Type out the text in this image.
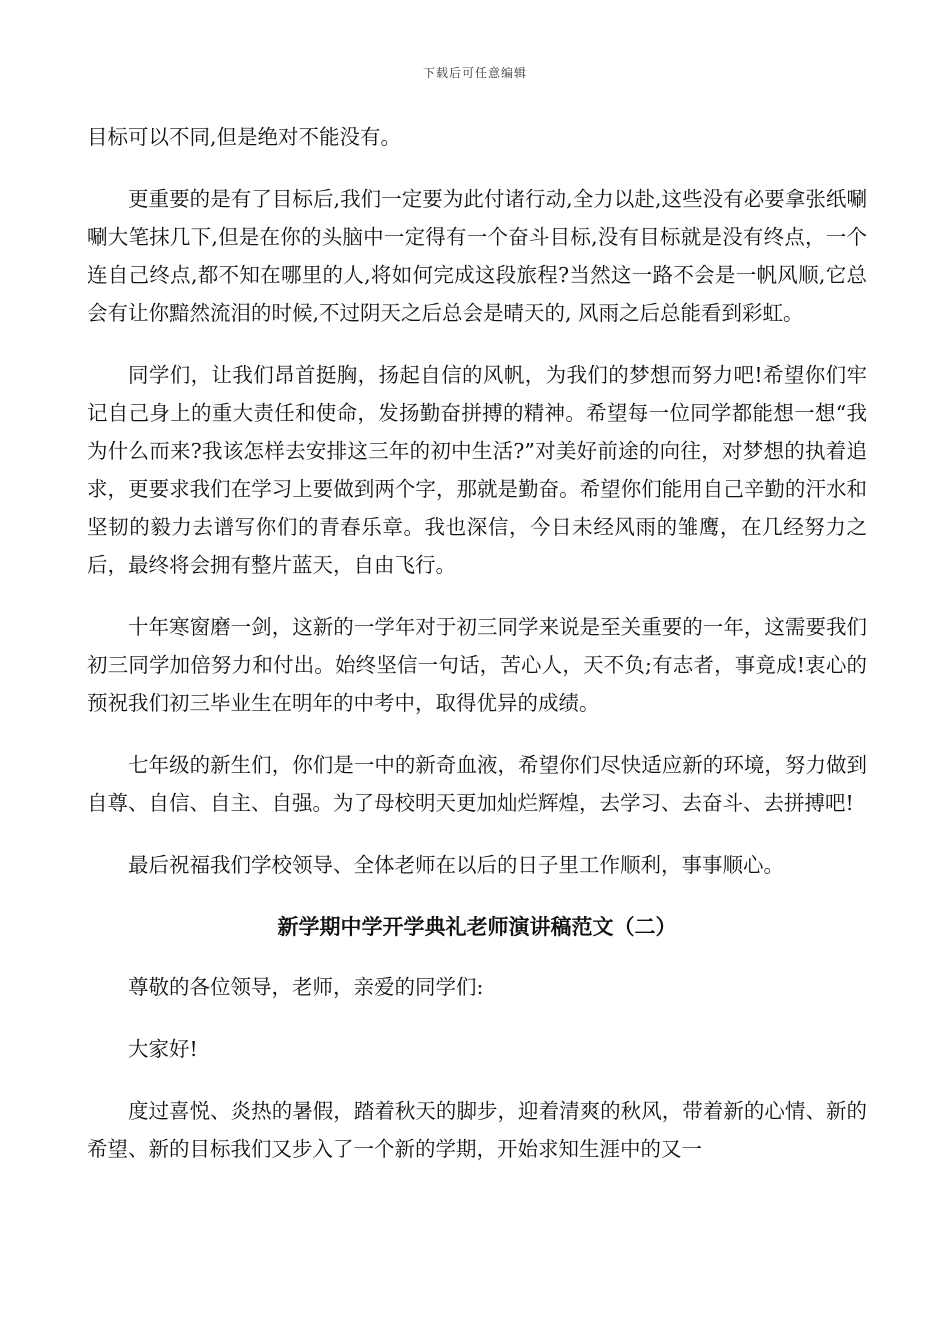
下载后可任意编辑

目标可以不同,但是绝对不能没有。

更重要的是有了目标后,我们一定要为此付诸行动,全力以赴,这些没有必要拿张纸唰唰大笔抹几下,但是在你的头脑中一定得有一个奋斗目标,没有目标就是没有终点，一个连自己终点,都不知在哪里的人,将如何完成这段旅程?当然这一路不会是一帆风顺,它总会有让你黯然流泪的时候,不过阴天之后总会是晴天的, 风雨之后总能看到彩虹。

同学们，让我们昂首挺胸，扬起自信的风帆，为我们的梦想而努力吧!希望你们牢记自己身上的重大责任和使命，发扬勤奋拼搏的精神。希望每一位同学都能想一想“我为什么而来?我该怎样去安排这三年的初中生活?”对美好前途的向往，对梦想的执着追求，更要求我们在学习上要做到两个字，那就是勤奋。希望你们能用自己辛勤的汗水和坚韧的毅力去谱写你们的青春乐章。我也深信，今日未经风雨的雏鹰，在几经努力之后，最终将会拥有整片蓝天，自由飞行。

十年寒窗磨一剑，这新的一学年对于初三同学来说是至关重要的一年，这需要我们初三同学加倍努力和付出。始终坚信一句话，苦心人，天不负;有志者，事竟成!衷心的预祝我们初三毕业生在明年的中考中，取得优异的成绩。

七年级的新生们，你们是一中的新奇血液，希望你们尽快适应新的环境，努力做到自尊、自信、自主、自强。为了母校明天更加灿烂辉煌，去学习、去奋斗、去拼搏吧!

最后祝福我们学校领导、全体老师在以后的日子里工作顺利，事事顺心。

新学期中学开学典礼老师演讲稿范文（二）

尊敬的各位领导，老师，亲爱的同学们:

大家好!

度过喜悦、炎热的暑假，踏着秋天的脚步，迎着清爽的秋风，带着新的心情、新的希望、新的目标我们又步入了一个新的学期，开始求知生涯中的又一
